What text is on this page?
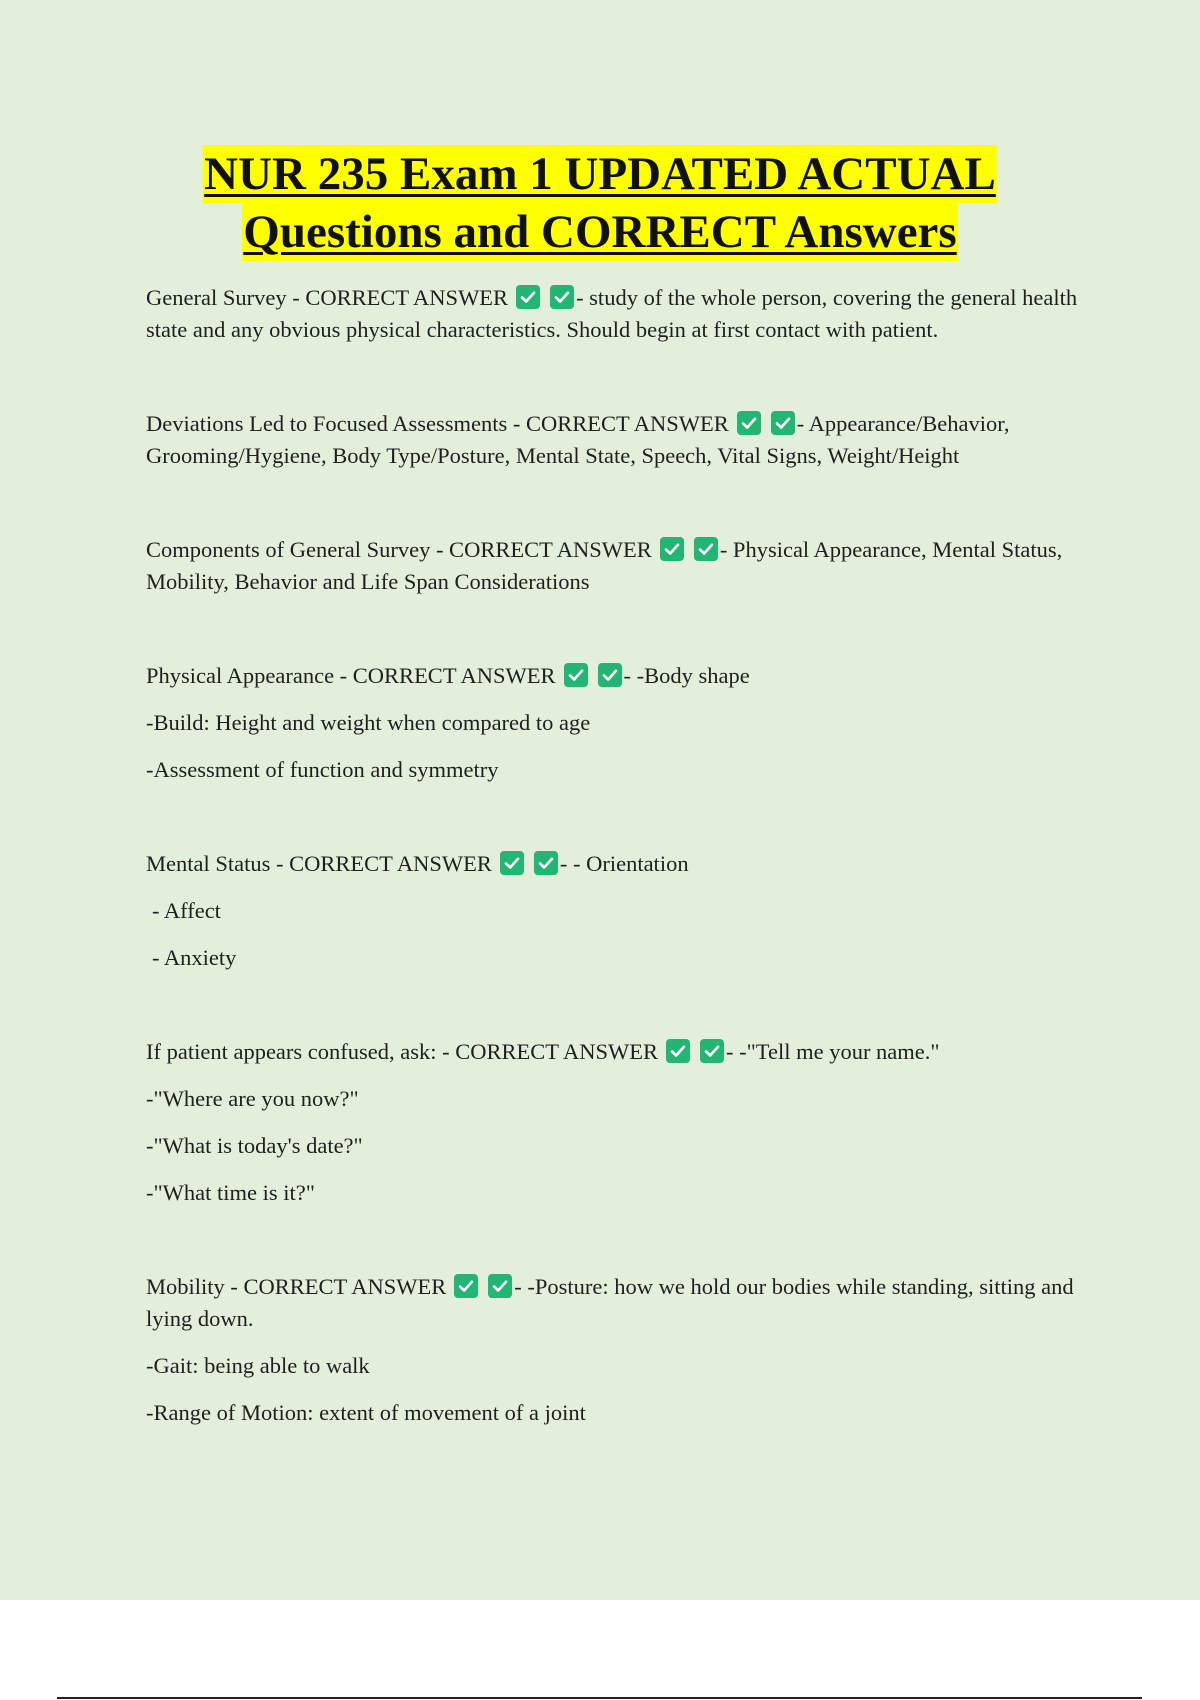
NUR 235 Exam 1 UPDATED ACTUAL
Questions and CORRECT Answers

General Survey - CORRECT ANSWER	- study of the whole person, covering the general health state and any obvious physical characteristics. Should begin at first contact with patient.

Deviations Led to Focused Assessments - CORRECT ANSWER	- Appearance/Behavior, Grooming/Hygiene, Body Type/Posture, Mental State, Speech, Vital Signs, Weight/Height

Components of General Survey - CORRECT ANSWER	- Physical Appearance, Mental Status, Mobility, Behavior and Life Span Considerations

Physical Appearance - CORRECT ANSWER	- -Body shape

-Build: Height and weight when compared to age

-Assessment of function and symmetry

Mental Status - CORRECT ANSWER	- - Orientation

- Affect

- Anxiety

If patient appears confused, ask: - CORRECT ANSWER	- -"Tell me your name."

-"Where are you now?"

-"What is today's date?"

-"What time is it?"

Mobility - CORRECT ANSWER	- -Posture: how we hold our bodies while standing, sitting and lying down.

-Gait: being able to walk

-Range of Motion: extent of movement of a joint
